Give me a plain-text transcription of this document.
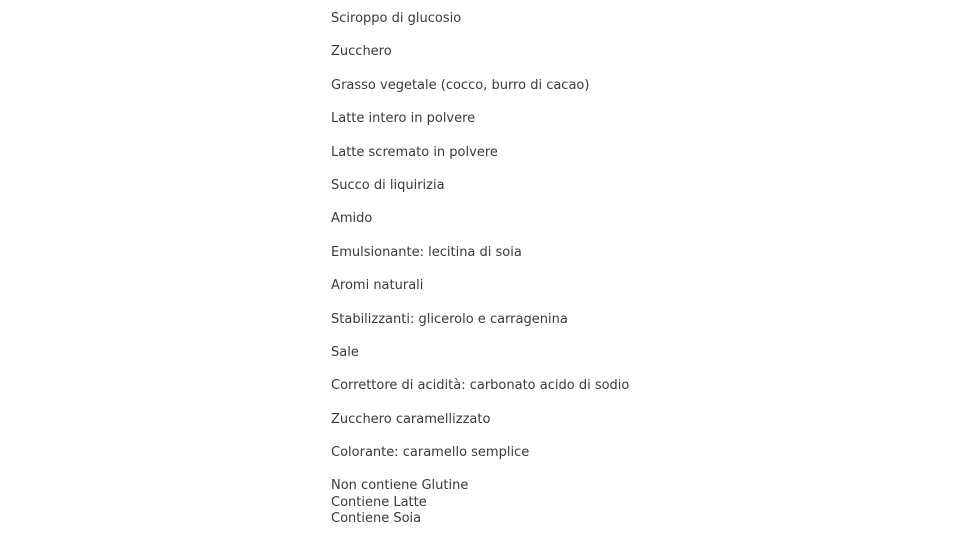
Sciroppo di glucosio
Zucchero
Grasso vegetale (cocco, burro di cacao)
Latte intero in polvere
Latte scremato in polvere
Succo di liquirizia
Amido
Emulsionante: lecitina di soia
Aromi naturali
Stabilizzanti: glicerolo e carragenina
Sale
Correttore di acidità: carbonato acido di sodio
Zucchero caramellizzato
Colorante: caramello semplice
Non contiene Glutine
Contiene Latte
Contiene Soia
